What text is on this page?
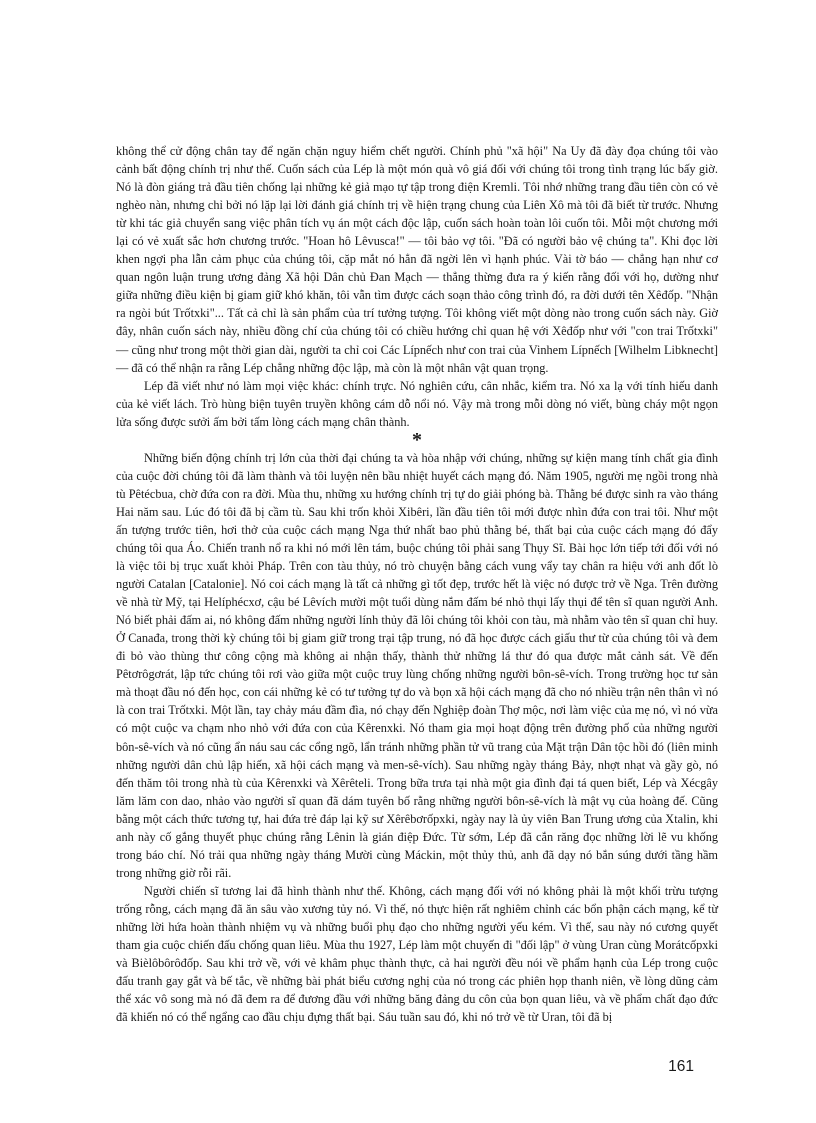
không thể cử động chân tay để ngăn chặn nguy hiểm chết người. Chính phủ "xã hội" Na Uy đã đày đọa chúng tôi vào cảnh bất động chính trị như thế. Cuốn sách của Lép là một món quà vô giá đối với chúng tôi trong tình trạng lúc bấy giờ. Nó là đòn giáng trả đầu tiên chống lại những kẻ giả mạo tự tập trong điện Kremli. Tôi nhớ những trang đầu tiên còn có vẻ nghèo nàn, nhưng chỉ bởi nó lặp lại lời đánh giá chính trị về hiện trạng chung của Liên Xô mà tôi đã biết từ trước. Nhưng từ khi tác giả chuyển sang việc phân tích vụ án một cách độc lập, cuốn sách hoàn toàn lôi cuốn tôi. Mỗi một chương mới lại có vẻ xuất sắc hơn chương trước. "Hoan hô Lêvusca!" — tôi bảo vợ tôi. "Đã có người bảo vệ chúng ta". Khi đọc lời khen ngợi pha lẫn cảm phục của chúng tôi, cặp mắt nó hẳn đã ngời lên vì hạnh phúc. Vài tờ báo — chẳng hạn như cơ quan ngôn luận trung ương đảng Xã hội Dân chủ Đan Mạch — thẳng thừng đưa ra ý kiến rằng đối với họ, dường như giữa những điều kiện bị giam giữ khó khăn, tôi vẫn tìm được cách soạn thảo công trình đó, ra đời dưới tên Xêđốp. "Nhận ra ngòi bút Trốtxki"... Tất cả chỉ là sản phẩm của trí tưởng tượng. Tôi không viết một dòng nào trong cuốn sách này. Giờ đây, nhân cuốn sách này, nhiều đồng chí của chúng tôi có chiều hướng chỉ quan hệ với Xêđốp như với "con trai Trốtxki" — cũng như trong một thời gian dài, người ta chỉ coi Các Lípnếch như con trai của Vinhem Lípnếch [Wilhelm Libknecht] — đã có thể nhận ra rằng Lép chẳng những độc lập, mà còn là một nhân vật quan trọng.

Lép đã viết như nó làm mọi việc khác: chính trực. Nó nghiên cứu, cân nhắc, kiểm tra. Nó xa lạ với tính hiếu danh của kẻ viết lách. Trò hùng biện tuyên truyền không cám dỗ nổi nó. Vậy mà trong mỗi dòng nó viết, bùng cháy một ngọn lửa sống được sưởi ấm bởi tấm lòng cách mạng chân thành.

*

Những biến động chính trị lớn của thời đại chúng ta và hòa nhập với chúng, những sự kiện mang tính chất gia đình của cuộc đời chúng tôi đã làm thành và tôi luyện nên bầu nhiệt huyết cách mạng đó. Năm 1905, người mẹ ngồi trong nhà tù Pêtécbua, chờ đứa con ra đời. Mùa thu, những xu hướng chính trị tự do giải phóng bà. Thằng bé được sinh ra vào tháng Hai năm sau. Lúc đó tôi đã bị cầm tù. Sau khi trốn khỏi Xibêri, lần đầu tiên tôi mới được nhìn đứa con trai tôi. Như một ấn tượng trước tiên, hơi thở của cuộc cách mạng Nga thứ nhất bao phủ thằng bé, thất bại của cuộc cách mạng đó đẩy chúng tôi qua Áo. Chiến tranh nổ ra khi nó mới lên tám, buộc chúng tôi phải sang Thụy Sĩ. Bài học lớn tiếp tới đối với nó là việc tôi bị trục xuất khỏi Pháp. Trên con tàu thủy, nó trò chuyện bằng cách vung vẩy tay chân ra hiệu với anh đốt lò người Catalan [Catalonie]. Nó coi cách mạng là tất cả những gì tốt đẹp, trước hết là việc nó được trở về Nga. Trên đường về nhà từ Mỹ, tại Helíphécxơ, cậu bé Lêvích mười một tuổi dùng nắm đấm bé nhỏ thụi lấy thụi để tên sĩ quan người Anh. Nó biết phải đấm ai, nó không đấm những người lính thủy đã lôi chúng tôi khỏi con tàu, mà nhằm vào tên sĩ quan chỉ huy. Ở Canađa, trong thời kỳ chúng tôi bị giam giữ trong trại tập trung, nó đã học được cách giấu thư từ của chúng tôi và đem đi bỏ vào thùng thư công cộng mà không ai nhận thấy, thành thử những lá thư đó qua được mắt cảnh sát. Về đến Pêtơrôgơrát, lập tức chúng tôi rơi vào giữa một cuộc truy lùng chống những người bôn-sê-vích. Trong trường học tư sản mà thoạt đầu nó đến học, con cái những kẻ có tư tưởng tự do và bọn xã hội cách mạng đã cho nó nhiều trận nên thân vì nó là con trai Trốtxki. Một lần, tay chảy máu đầm đìa, nó chạy đến Nghiệp đoàn Thợ mộc, nơi làm việc của mẹ nó, vì nó vừa có một cuộc va chạm nho nhỏ với đứa con của Kêrenxki. Nó tham gia mọi hoạt động trên đường phố của những người bôn-sê-vích và nó cũng ẩn náu sau các cổng ngõ, lẩn tránh những phần tử vũ trang của Mặt trận Dân tộc hồi đó (liên minh những người dân chủ lập hiến, xã hội cách mạng và men-sê-vích). Sau những ngày tháng Bảy, nhợt nhạt và gầy gò, nó đến thăm tôi trong nhà tù của Kêrenxki và Xêrêteli. Trong bữa trưa tại nhà một gia đình đại tá quen biết, Lép và Xécgây lăm lăm con dao, nhảo vào người sĩ quan đã dám tuyên bố rằng những người bôn-sê-vích là mật vụ của hoàng đế. Cũng bằng một cách thức tương tự, hai đứa trẻ đáp lại kỹ sư Xêrêbơrốpxki, ngày nay là ủy viên Ban Trung ương của Xtalin, khi anh này cố gắng thuyết phục chúng rằng Lênin là gián điệp Đức. Từ sớm, Lép đã cắn răng đọc những lời lẽ vu khống trong báo chí. Nó trải qua những ngày tháng Mười cùng Máckin, một thủy thủ, anh đã dạy nó bắn súng dưới tầng hầm trong những giờ rỗi rãi.

Người chiến sĩ tương lai đã hình thành như thế. Không, cách mạng đối với nó không phải là một khối trừu tượng trống rỗng, cách mạng đã ăn sâu vào xương tủy nó. Vì thế, nó thực hiện rất nghiêm chỉnh các bổn phận cách mạng, kể từ những lời hứa hoàn thành nhiệm vụ và những buổi phụ đạo cho những người yếu kém. Vì thế, sau này nó cương quyết tham gia cuộc chiến đấu chống quan liêu. Mùa thu 1927, Lép làm một chuyến đi "đối lập" ở vùng Uran cùng Morátcốpxki và Bièlôbôrôđốp. Sau khi trở về, với vẻ khâm phục thành thực, cả hai người đều nói về phẩm hạnh của Lép trong cuộc đấu tranh gay gắt và bế tắc, về những bài phát biểu cương nghị của nó trong các phiên họp thanh niên, về lòng dũng cảm thể xác vô song mà nó đã đem ra để đương đầu với những băng đảng du côn của bọn quan liêu, và về phẩm chất đạo đức đã khiến nó có thể ngẩng cao đầu chịu đựng thất bại. Sáu tuần sau đó, khi nó trở về từ Uran, tôi đã bị

161
